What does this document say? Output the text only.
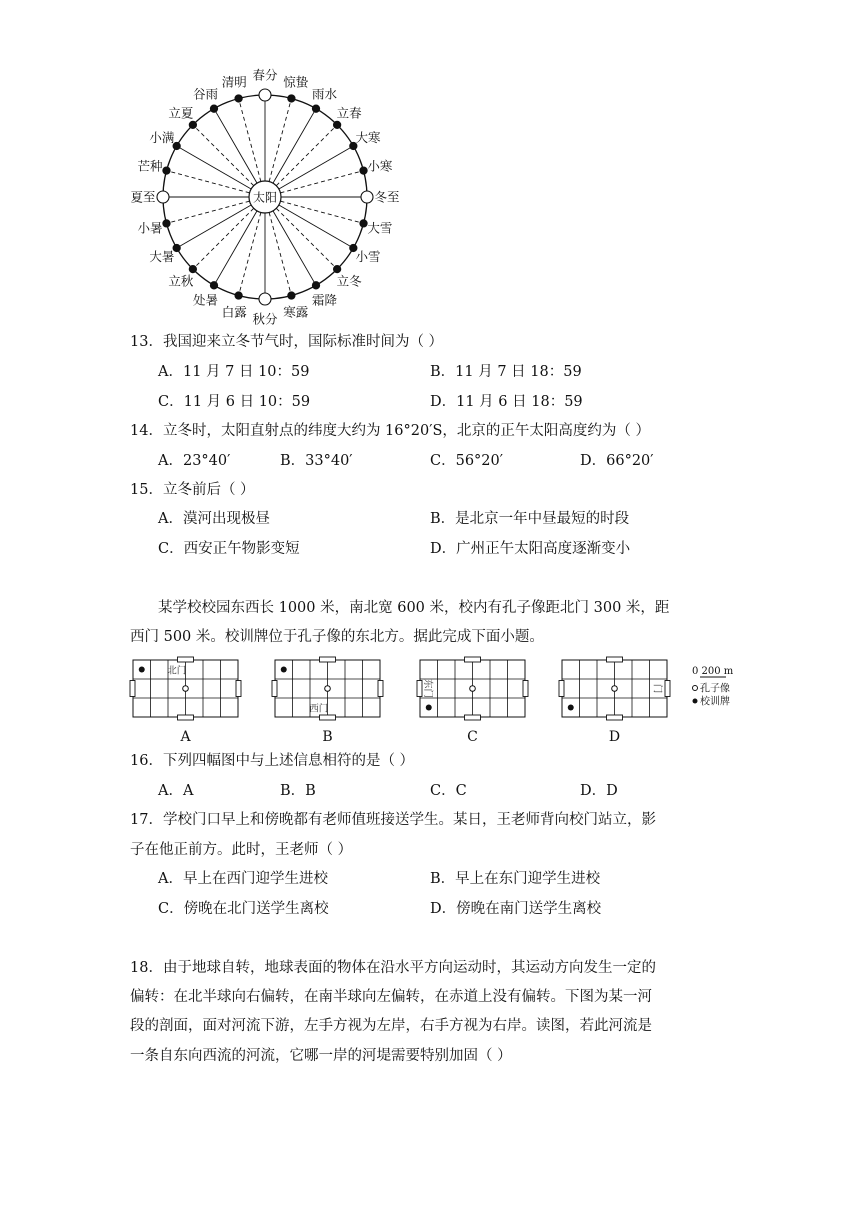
春分 惊蛰
雨水
立春
大寒
小寒
冬至
大雪
小雪
立冬
霜降
寒露
秋分
白露
处暑
立秋
大暑
小暑
夏至
芒种
小满
立夏
谷雨
清明
太阳
13．我国迎来立冬节气时，国际标准时间为（ ）
A．11 月 7 日 10：59	B．11 月 7 日 18：59
C．11 月 6 日 10：59	D．11 月 6 日 18：59
14．立冬时，太阳直射点的纬度大约为 16°20′S，北京的正午太阳高度约为（ ）
A．23°40′	B．33°40′	C．56°20′	D．66°20′
15．立冬前后（ ）
A．漠河出现极昼	B．是北京一年中昼最短的时段
C．西安正午物影变短	D．广州正午太阳高度逐渐变小
某学校校园东西长 1000 米，南北宽 600 米，校内有孔子像距北门 300 米，距
西门 500 米。校训牌位于孔子像的东北方。据此完成下面小题。
北门
A
西门
B
东门
C
门
D
0 200 m
孔子像
校训牌
16．下列四幅图中与上述信息相符的是（ ）
A．A	B．B	C．C	D．D
17．学校门口早上和傍晚都有老师值班接送学生。某日，王老师背向校门站立，影
子在他正前方。此时，王老师（ ）
A．早上在西门迎学生进校	B．早上在东门迎学生进校
C．傍晚在北门送学生离校	D．傍晚在南门送学生离校
18．由于地球自转，地球表面的物体在沿水平方向运动时，其运动方向发生一定的
偏转：在北半球向右偏转，在南半球向左偏转，在赤道上没有偏转。下图为某一河
段的剖面，面对河流下游，左手方视为左岸，右手方视为右岸。读图，若此河流是
一条自东向西流的河流，它哪一岸的河堤需要特别加固（ ）
